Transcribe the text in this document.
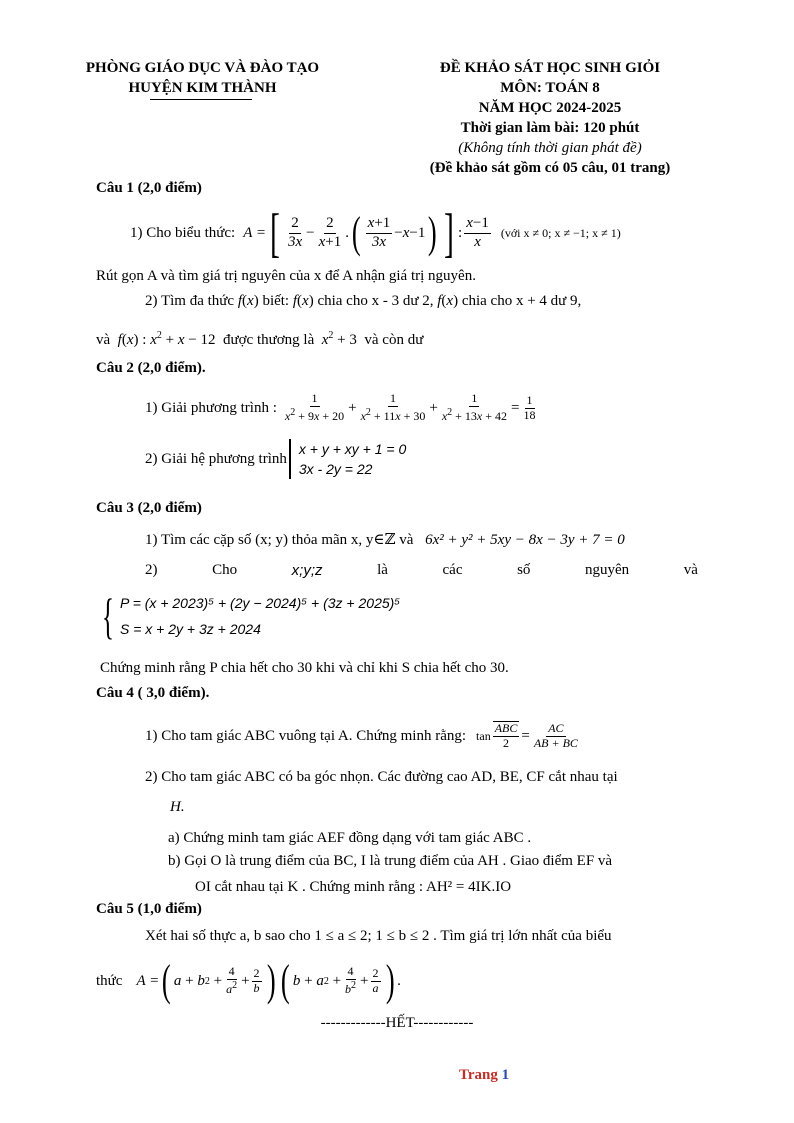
PHÒNG GIÁO DỤC VÀ ĐÀO TẠO
HUYỆN KIM THÀNH
ĐỀ KHẢO SÁT HỌC SINH GIỎI
MÔN: TOÁN 8
NĂM HỌC 2024-2025
Thời gian làm bài: 120 phút
(Không tính thời gian phát đề)
(Đề khảo sát gồm có 05 câu, 01 trang)
Câu 1 (2,0 điểm)
1) Cho biểu thức: A = [ $\frac{2}{3x} - \frac{2}{x+1}$ . ( $\frac{x+1}{3x} -x-1$ ) ] : $\frac{x-1}{x}$ (với x ≠ 0; x ≠ −1; x ≠ 1)
Rút gọn A và tìm giá trị nguyên của x để A nhận giá trị nguyên.
2) Tìm đa thức f(x) biết: f(x) chia cho x - 3 dư 2, f(x) chia cho x + 4 dư 9,
và f(x) : $x^2 + x - 12$  được thương là $x^2 + 3$  và còn dư
Câu 2 (2,0 điểm).
1) Giải phương trình : $\frac{1}{x^2 + 9x + 20} + \frac{1}{x^2 + 11x + 30} + \frac{1}{x^2 + 13x + 42} = \frac{1}{18}$
2) Giải hệ phương trình
x + y + xy + 1 = 0
3x - 2y = 22
Câu 3 (2,0 điểm)
1) Tìm các cặp số (x; y) thỏa mãn x, y∈ℤ và 6x² + y² + 5xy − 8x − 3y + 7 = 0
2)	Cho	x;y;z	là	các	số	nguyên	và
{ P = (x + 2023)⁵ + (2y − 2024)⁵ + (3z + 2025)⁵
S = x + 2y + 3z + 2024
Chứng minh rằng P chia hết cho 30 khi và chỉ khi S chia hết cho 30.
Câu 4 ( 3,0 điểm).
1) Cho tam giác ABC vuông tại A. Chứng minh rằng: $\tan \frac{\text{ABC}}{2} = \frac{AC}{AB + BC}$
2) Cho tam giác ABC có ba góc nhọn. Các đường cao AD, BE, CF cắt nhau tại
H.
a) Chứng minh tam giác AEF đồng dạng với tam giác ABC .
b) Gọi O là trung điểm của BC, I là trung điểm của AH . Giao điểm EF và
OI cắt nhau tại K . Chứng minh rằng : AH² = 4IK.IO
Câu 5 (1,0 điểm)
Xét hai số thực a, b sao cho 1 ≤ a ≤ 2; 1 ≤ b ≤ 2 . Tìm giá trị lớn nhất của biểu
thức A = ( a + b $2 + \frac{4}{a^2} + \frac{2}{b}$ ) ( b + a $2 + \frac{4}{b^2} + \frac{2}{a}$ ) .
-------------HẾT------------
Trang 1
